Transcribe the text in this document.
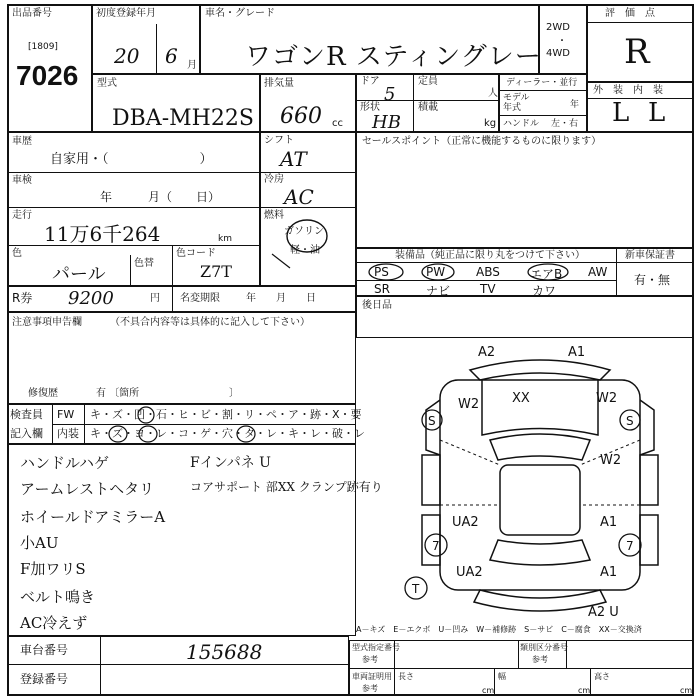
出品番号
[1809]
7026
初度登録年月
20 6 月
車名・グレード
ワゴンR スティングレー
2WD
・
4WD
評　価　点
R
型式
DBA-MH22S
排気量
660 cc
ドア
5
定員
人
形状
HB
積載
kg
ディーラー・並行
モデル
年式	年
ハンドル 左・右
外　装　内　装
L L
車歴
自家用・（　　　　　　　）
車検
年　　　月（　　日）
走行
11万6千264	km
色
パール
色替
シフト
AT
冷房
AC
燃料
ガソリン
軽・油
色コード
Z7T
R券 9200	円 名変期限	年　　月　　日
注意事項申告欄	（不具合内容等は具体的に記入して下さい）
修復歴	有 〔箇所　　　　　　　　　〕
セールスポイント（正常に機能するものに限ります）
装備品（純正品に限り丸をつけて下さい）	新車保証書
有・無
PS	PW	ABS	エアB AW
SR	ナビ TV	カワ
後日品
検査員
記入欄
FW キ・ズ・凹・石・ヒ・ビ・割・リ・ペ・ア・跡・X・要
内装 キ・ズ・ヨ・レ・コ・ゲ・穴・タ・レ・キ・レ・破・レ
ハンドルハゲ
アームレストヘタリ
ホイールドアミラーA
小AU
F加ワリS
ベルト鳴き
AC冷えず
Fインパネ U
コアサポート 部XX クランプ跡有り
A2	A1
XX
W2	W2
W2
UA2	A1
UA2	A1
A2 U
S	S
7	7
T
A－キズ　E－エクボ　U－凹み　W－補修跡　S－サビ　C－腐食　XX－交換済
車台番号	155688
登録番号
型式指定番号
参考
類別区分番号
参考
車両証明用
参考
長さ
cm
幅
cm
高さ
cm
